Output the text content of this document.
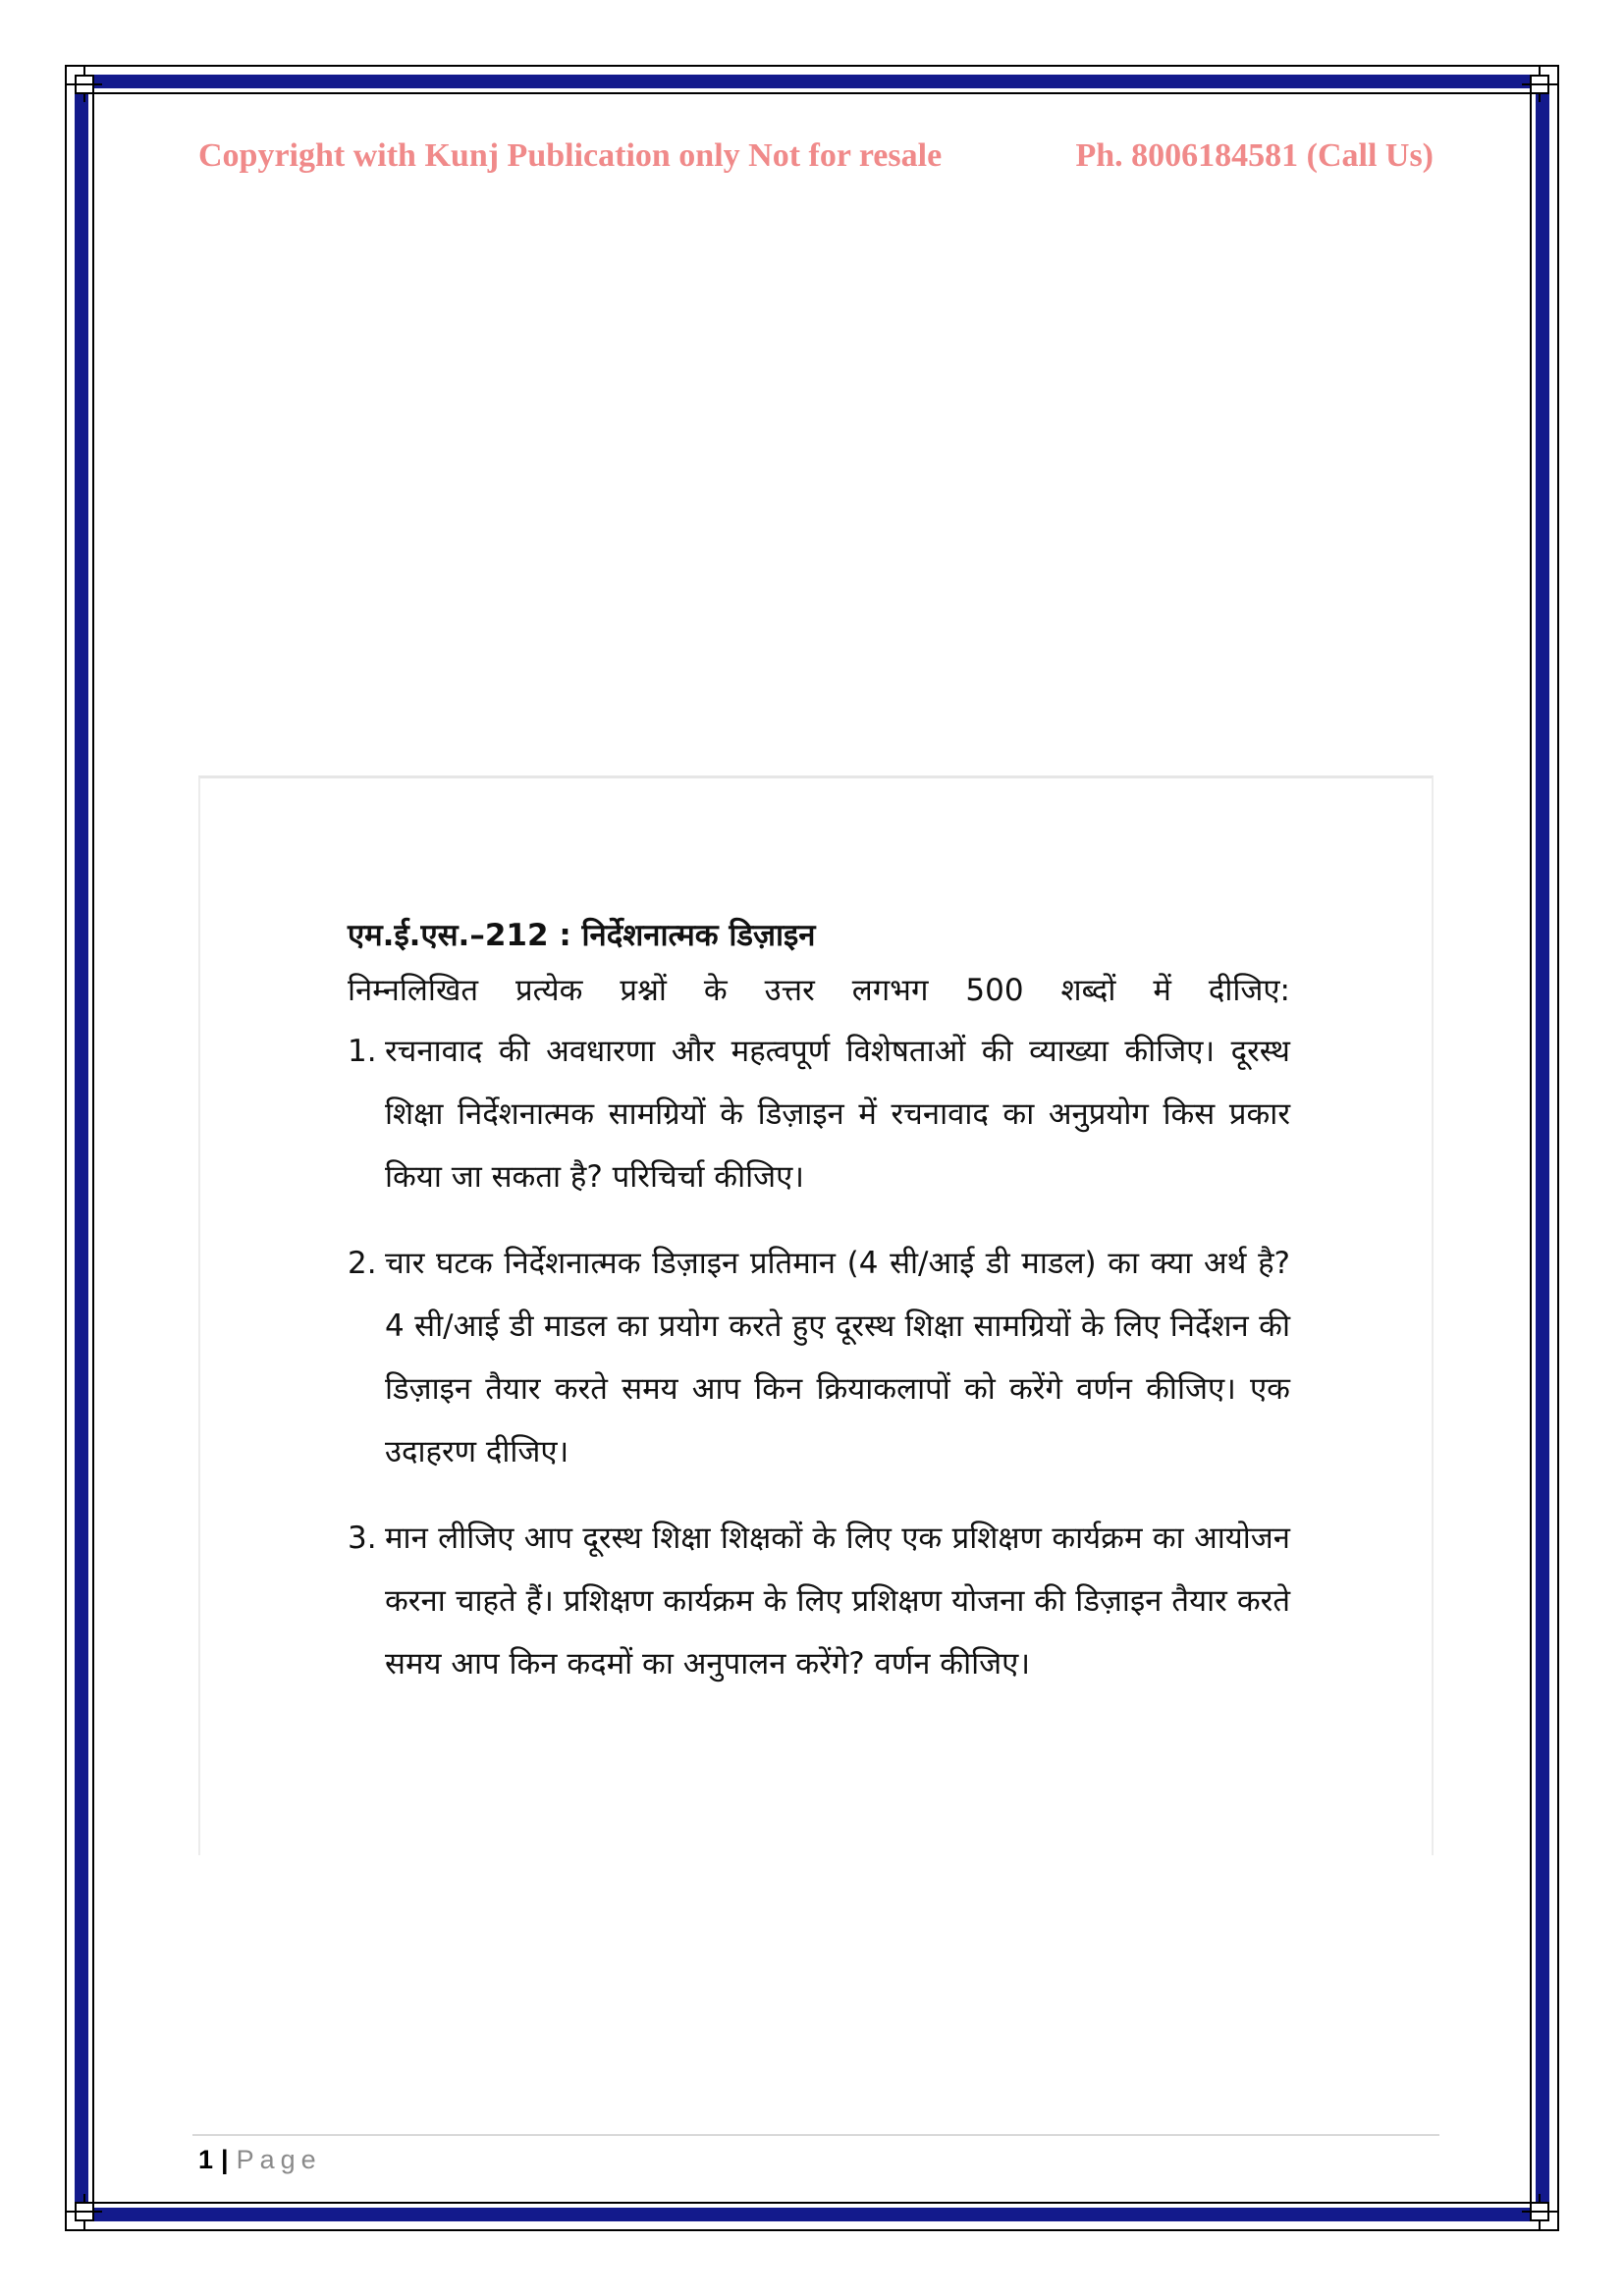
Copyright with Kunj Publication only Not for resale	Ph. 8006184581 (Call Us)
एम.ई.एस.–212 : निर्देशनात्मक डिज़ाइन
निम्नलिखित प्रत्येक प्रश्नों के उत्तर लगभग 500 शब्दों में दीजिए:
1. रचनावाद की अवधारणा और महत्वपूर्ण विशेषताओं की व्याख्या कीजिए। दूरस्थ शिक्षा निर्देशनात्मक सामग्रियों के डिज़ाइन में रचनावाद का अनुप्रयोग किस प्रकार किया जा सकता है? परिचिर्चा कीजिए।
2. चार घटक निर्देशनात्मक डिज़ाइन प्रतिमान (4 सी/आई डी माडल) का क्या अर्थ है? 4 सी/आई डी माडल का प्रयोग करते हुए दूरस्थ शिक्षा सामग्रियों के लिए निर्देशन की डिज़ाइन तैयार करते समय आप किन क्रियाकलापों को करेंगे वर्णन कीजिए। एक उदाहरण दीजिए।
3. मान लीजिए आप दूरस्थ शिक्षा शिक्षकों के लिए एक प्रशिक्षण कार्यक्रम का आयोजन करना चाहते हैं। प्रशिक्षण कार्यक्रम के लिए प्रशिक्षण योजना की डिज़ाइन तैयार करते समय आप किन कदमों का अनुपालन करेंगे? वर्णन कीजिए।
1 | Page
